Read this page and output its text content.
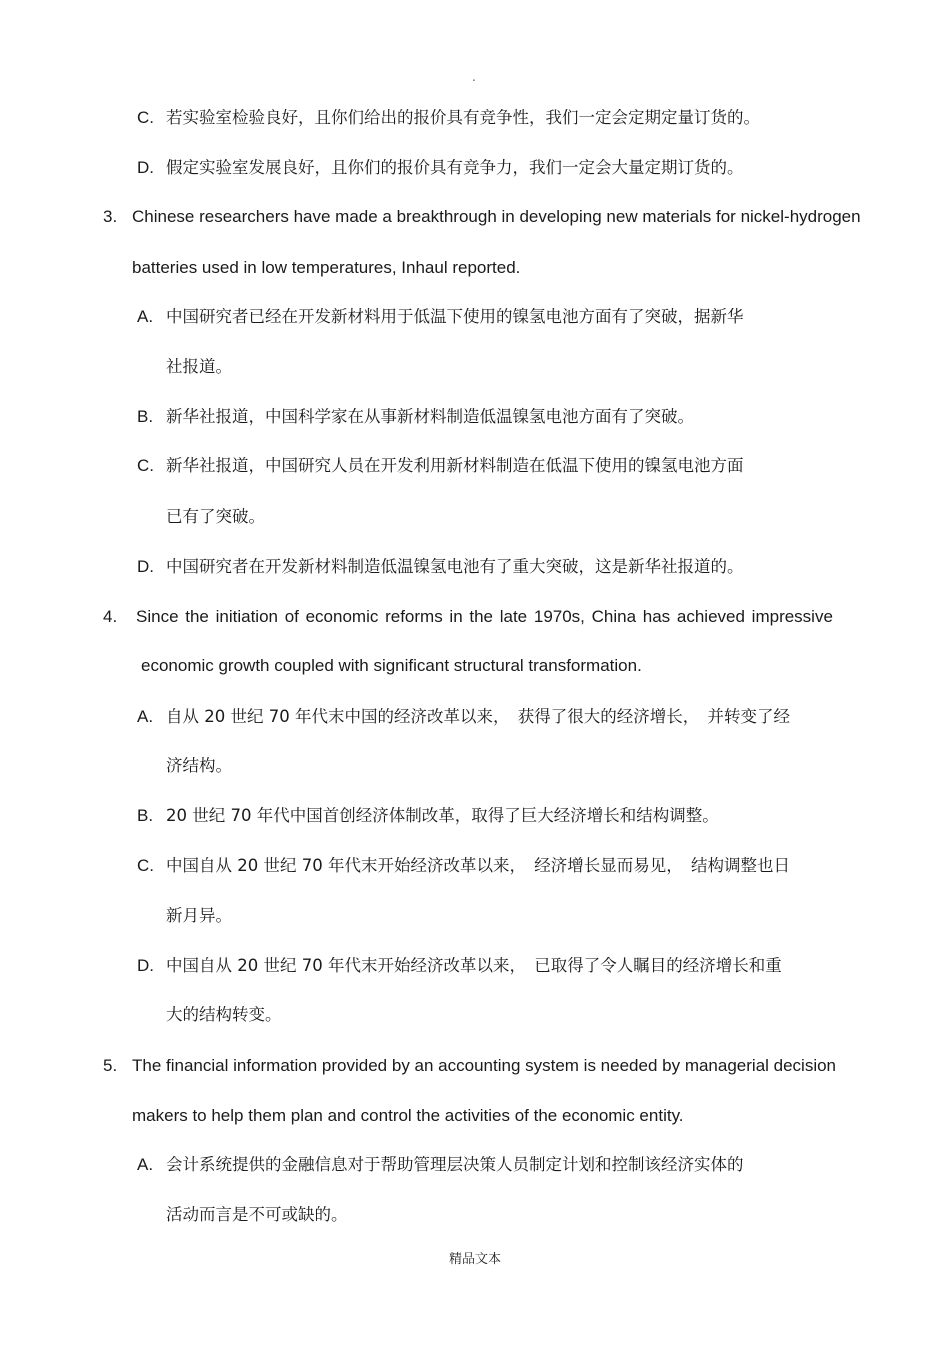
.
C. 若实验室检验良好，且你们给出的报价具有竞争性，我们一定会定期定量订货的。
D. 假定实验室发展良好，且你们的报价具有竞争力，我们一定会大量定期订货的。
3. Chinese researchers have made a breakthrough in developing new materials for nickel-hydrogen
batteries used in low temperatures, Inhaul reported.
A. 中国研究者已经在开发新材料用于低温下使用的镍氢电池方面有了突破，据新华
社报道。
B. 新华社报道，中国科学家在从事新材料制造低温镍氢电池方面有了突破。
C. 新华社报道，中国研究人员在开发利用新材料制造在低温下使用的镍氢电池方面
已有了突破。
D. 中国研究者在开发新材料制造低温镍氢电池有了重大突破，这是新华社报道的。
4. Since the initiation of economic reforms in the late 1970s, China has achieved impressive
economic growth coupled with significant structural transformation.
A. 自从 20 世纪 70 年代末中国的经济改革以来，　获得了很大的经济增长，　并转变了经
济结构。
B. 20 世纪 70 年代中国首创经济体制改革，取得了巨大经济增长和结构调整。
C. 中国自从 20 世纪 70 年代末开始经济改革以来，　经济增长显而易见，　结构调整也日
新月异。
D. 中国自从 20 世纪 70 年代末开始经济改革以来，　已取得了令人瞩目的经济增长和重
大的结构转变。
5. The financial information provided by an accounting system is needed by managerial decision
makers to help them plan and control the activities of the economic entity.
A. 会计系统提供的金融信息对于帮助管理层决策人员制定计划和控制该经济实体的
活动而言是不可或缺的。
精品文本
